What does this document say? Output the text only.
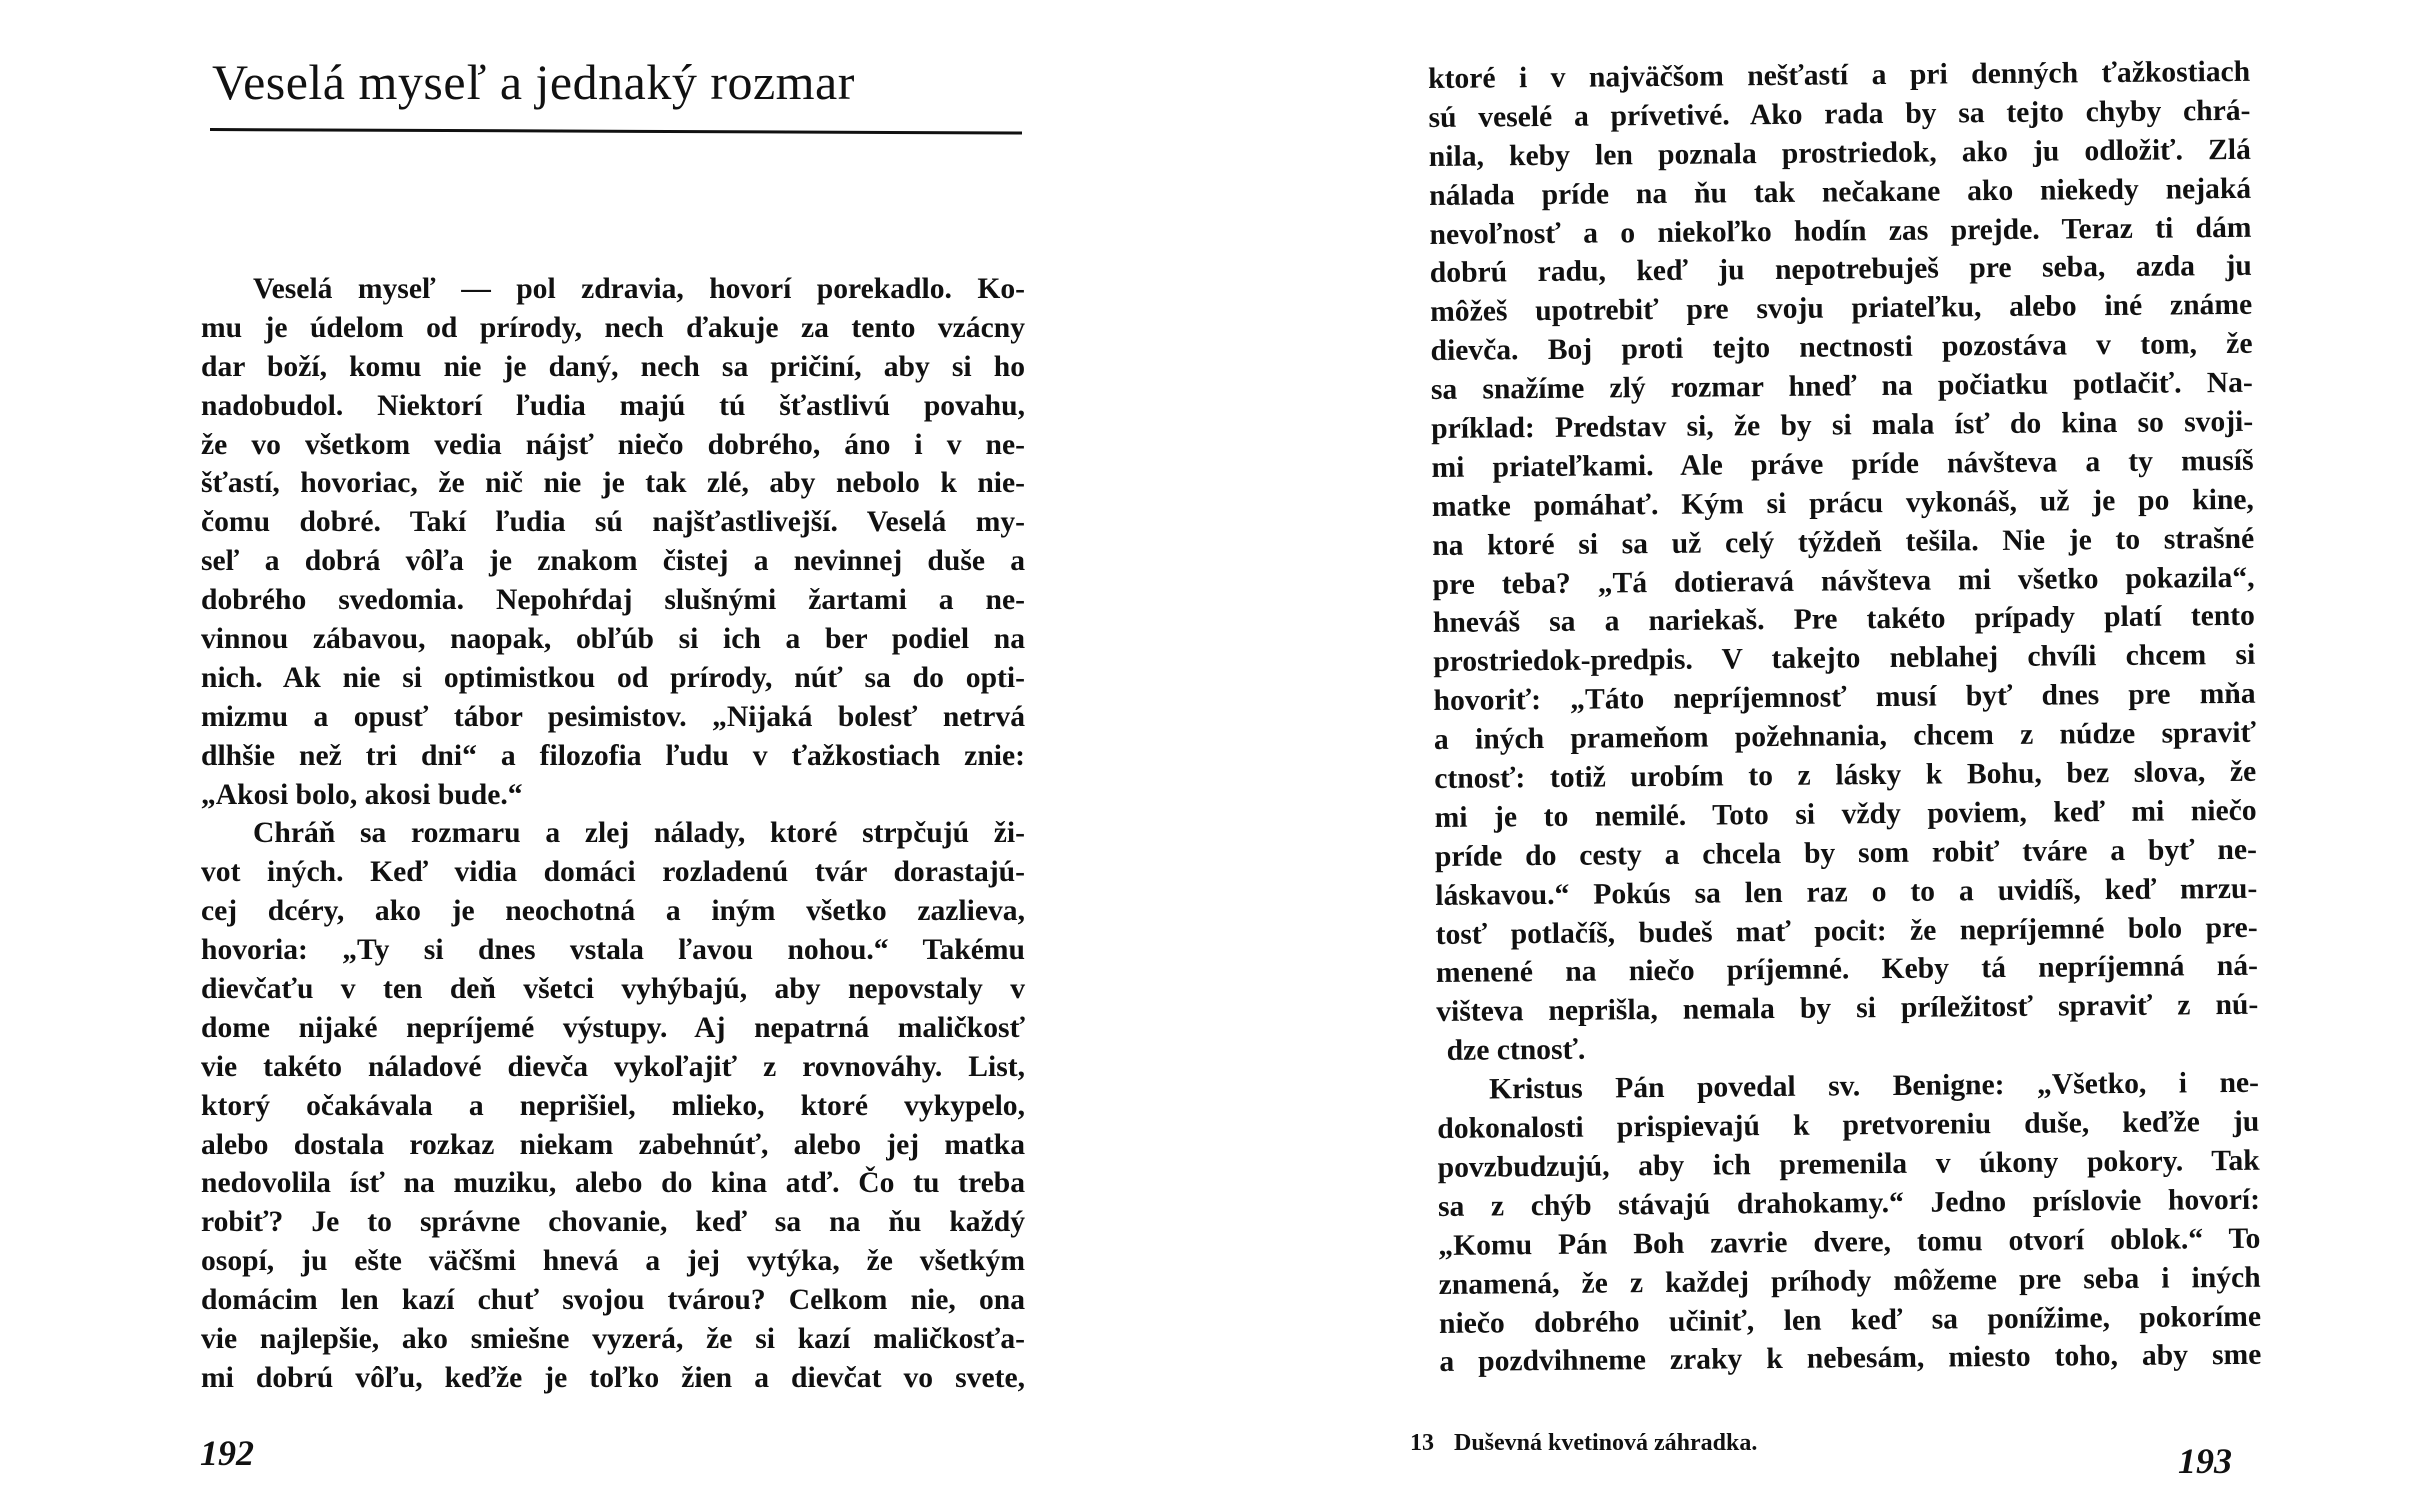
Veselá myseľ a jednaký rozmar
Veselá myseľ — pol zdravia, hovorí porekadlo. Ko-
mu je údelom od prírody, nech ďakuje za tento vzácny
dar boží, komu nie je daný, nech sa pričiní, aby si ho
nadobudol. Niektorí ľudia majú tú šťastlivú povahu,
že vo všetkom vedia nájsť niečo dobrého, áno i v ne-
šťastí, hovoriac, že nič nie je tak zlé, aby nebolo k nie-
čomu dobré. Takí ľudia sú najšťastlivejší. Veselá my-
seľ a dobrá vôľa je znakom čistej a nevinnej duše a
dobrého svedomia. Nepohŕdaj slušnými žartami a ne-
vinnou zábavou, naopak, obľúb si ich a ber podiel na
nich. Ak nie si optimistkou od prírody, núť sa do opti-
mizmu a opusť tábor pesimistov. „Nijaká bolesť netrvá
dlhšie než tri dni“ a filozofia ľudu v ťažkostiach znie:
„Akosi bolo, akosi bude.“
Chráň sa rozmaru a zlej nálady, ktoré strpčujú ži-
vot iných. Keď vidia domáci rozladenú tvár dorastajú-
cej dcéry, ako je neochotná a iným všetko zazlieva,
hovoria: „Ty si dnes vstala ľavou nohou.“ Takému
dievčaťu v ten deň všetci vyhýbajú, aby nepovstaly v
dome nijaké nepríjemé výstupy. Aj nepatrná maličkosť
vie takéto náladové dievča vykoľajiť z rovnováhy. List,
ktorý očakávala a neprišiel, mlieko, ktoré vykypelo,
alebo dostala rozkaz niekam zabehnúť, alebo jej matka
nedovolila ísť na muziku, alebo do kina atď. Čo tu treba
robiť? Je to správne chovanie, keď sa na ňu každý
osopí, ju ešte väčšmi hnevá a jej vytýka, že všetkým
domácim len kazí chuť svojou tvárou? Celkom nie, ona
vie najlepšie, ako smiešne vyzerá, že si kazí maličkosťa-
mi dobrú vôľu, keďže je toľko žien a dievčat vo svete,
192
ktoré i v najväčšom nešťastí a pri denných ťažkostiach
sú veselé a prívetivé. Ako rada by sa tejto chyby chrá-
nila, keby len poznala prostriedok, ako ju odložiť. Zlá
nálada príde na ňu tak nečakane ako niekedy nejaká
nevoľnosť a o niekoľko hodín zas prejde. Teraz ti dám
dobrú radu, keď ju nepotrebuješ pre seba, azda ju
môžeš upotrebiť pre svoju priateľku, alebo iné známe
dievča. Boj proti tejto nectnosti pozostáva v tom, že
sa snažíme zlý rozmar hneď na počiatku potlačiť. Na-
príklad: Predstav si, že by si mala ísť do kina so svoji-
mi priateľkami. Ale práve príde návšteva a ty musíš
matke pomáhať. Kým si prácu vykonáš, už je po kine,
na ktoré si sa už celý týždeň tešila. Nie je to strašné
pre teba? „Tá dotieravá návšteva mi všetko pokazila“,
hneváš sa a nariekaš. Pre takéto prípady platí tento
prostriedok-predpis. V takejto neblahej chvíli chcem si
hovoriť: „Táto nepríjemnosť musí byť dnes pre mňa
a iných prameňom požehnania, chcem z núdze spraviť
ctnosť: totiž urobím to z lásky k Bohu, bez slova, že
mi je to nemilé. Toto si vždy poviem, keď mi niečo
príde do cesty a chcela by som robiť tváre a byť ne-
láskavou.“ Pokús sa len raz o to a uvidíš, keď mrzu-
tosť potlačíš, budeš mať pocit: že nepríjemné bolo pre-
menené na niečo príjemné. Keby tá nepríjemná ná-
višteva neprišla, nemala by si príležitosť spraviť z nú-
dze ctnosť.
Kristus Pán povedal sv. Benigne: „Všetko, i ne-
dokonalosti prispievajú k pretvoreniu duše, keďže ju
povzbudzujú, aby ich premenila v úkony pokory. Tak
sa z chýb stávajú drahokamy.“ Jedno príslovie hovorí:
„Komu Pán Boh zavrie dvere, tomu otvorí oblok.“ To
znamená, že z každej príhody môžeme pre seba i iných
niečo dobrého učiniť, len keď sa ponížime, pokoríme
a pozdvihneme zraky k nebesám, miesto toho, aby sme
13 Duševná kvetinová záhradka.	193
